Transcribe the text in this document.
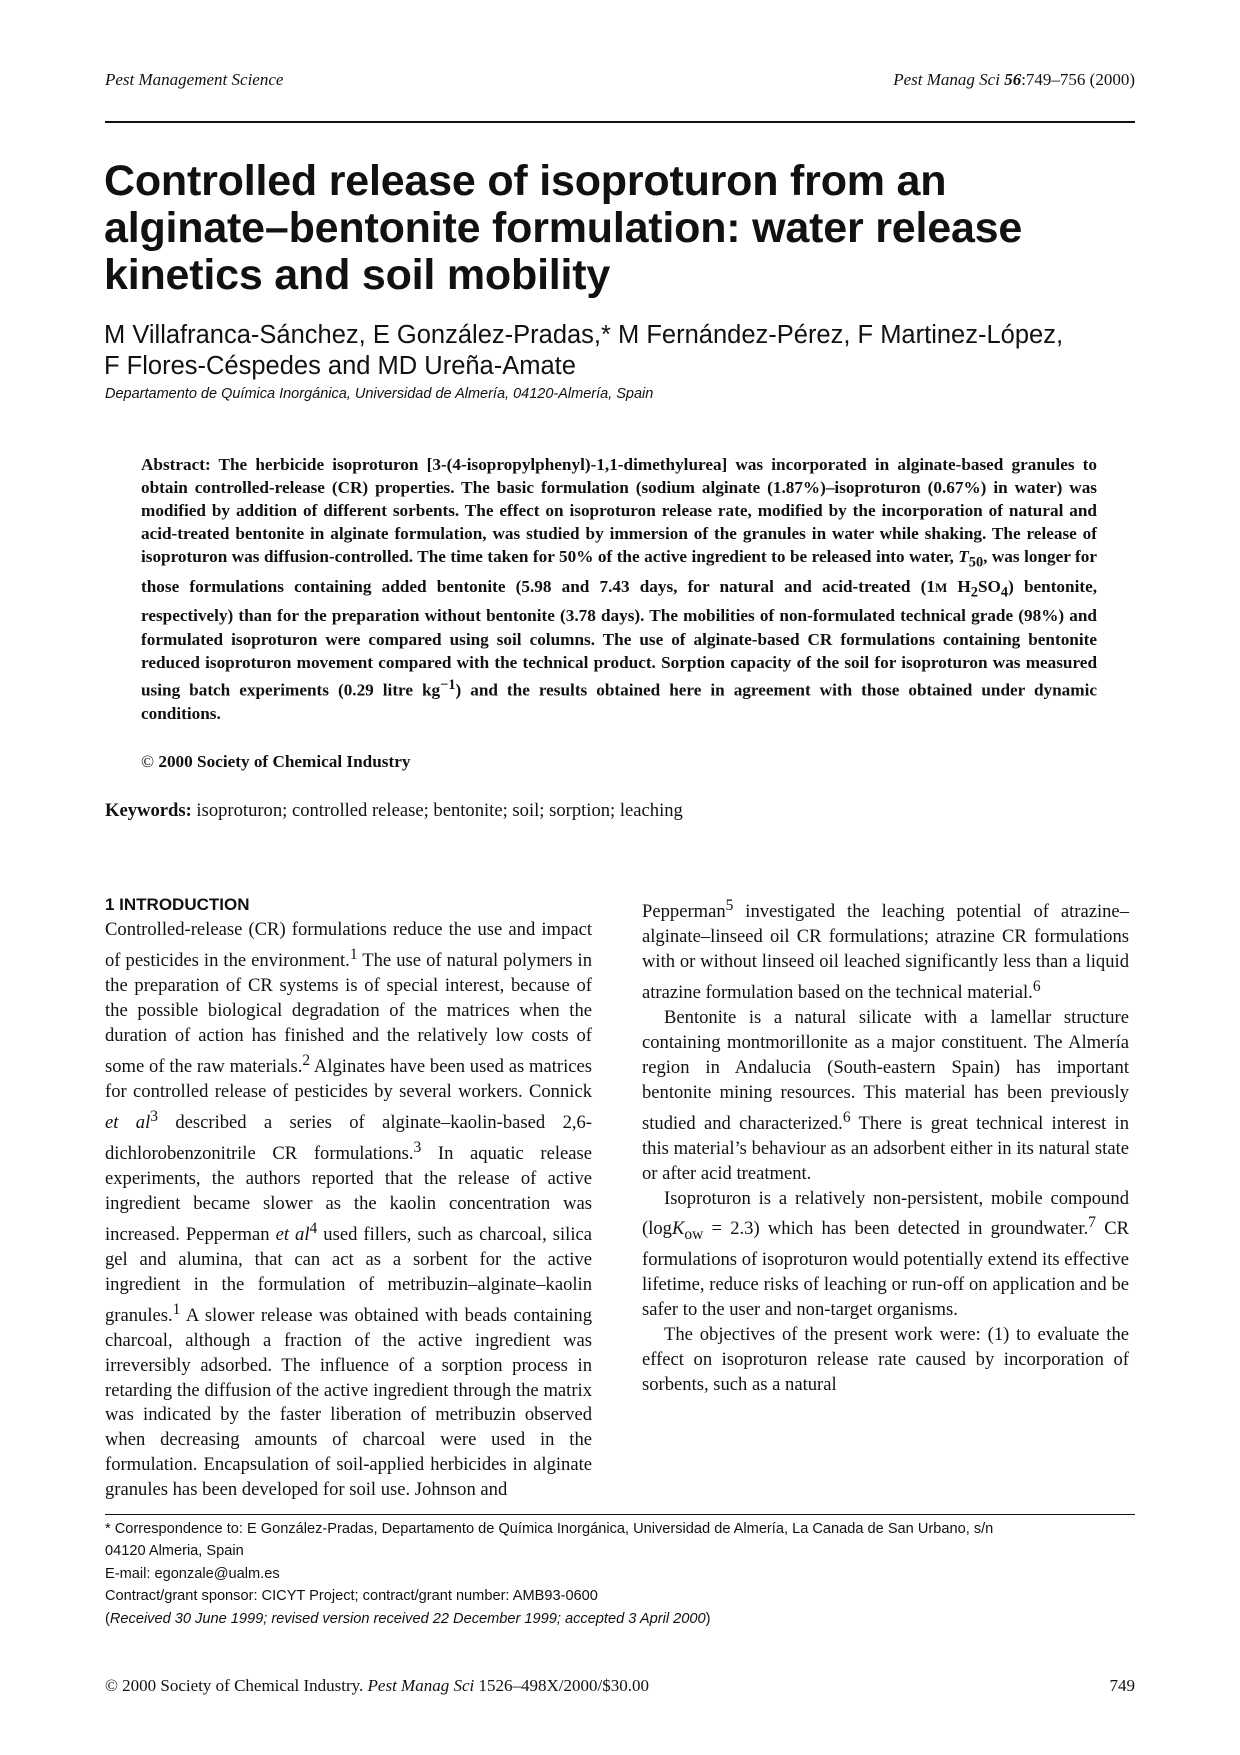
Pest Management Science	Pest Manag Sci 56:749–756 (2000)
Controlled release of isoproturon from an
alginate–bentonite formulation: water release
kinetics and soil mobility

M Villafranca-Sánchez, E González-Pradas,* M Fernández-Pérez, F Martinez-López,
F Flores-Céspedes and MD Ureña-Amate

Departamento de Química Inorgánica, Universidad de Almería, 04120-Almería, Spain

Abstract: The herbicide isoproturon [3-(4-isopropylphenyl)-1,1-dimethylurea] was incorporated in alginate-based granules to obtain controlled-release (CR) properties. The basic formulation (sodium alginate (1.87%)–isoproturon (0.67%) in water) was modified by addition of different sorbents. The effect on isoproturon release rate, modified by the incorporation of natural and acid-treated bentonite in alginate formulation, was studied by immersion of the granules in water while shaking. The release of isoproturon was diffusion-controlled. The time taken for 50% of the active ingredient to be released into water, $T_{50}$, was longer for those formulations containing added bentonite (5.98 and 7.43 days, for natural and acid-treated (1M $H_2SO_4$) bentonite, respectively) than for the preparation without bentonite (3.78 days). The mobilities of non-formulated technical grade (98%) and formulated isoproturon were compared using soil columns. The use of alginate-based CR formulations containing bentonite reduced isoproturon movement compared with the technical product. Sorption capacity of the soil for isoproturon was measured using batch experiments (0.29 litre $kg^{-1}$) and the results obtained here in agreement with those obtained under dynamic conditions.

© 2000 Society of Chemical Industry

Keywords: isoproturon; controlled release; bentonite; soil; sorption; leaching

1 INTRODUCTION

Controlled-release (CR) formulations reduce the use and impact of pesticides in the environment.$^1$ The use of natural polymers in the preparation of CR systems is of special interest, because of the possible biological degradation of the matrices when the duration of action has finished and the relatively low costs of some of the raw materials.$^2$ Alginates have been used as matrices for controlled release of pesticides by several workers. Connick et $al^3$ described a series of alginate–kaolin-based 2,6-dichlorobenzonitrile CR formulations.$^3$ In aquatic release experiments, the authors reported that the release of active ingredient became slower as the kaolin concentration was increased. Pepperman et $al^4$ used fillers, such as charcoal, silica gel and alumina, that can act as a sorbent for the active ingredient in the formulation of metribuzin–alginate–kaolin granules.$^1$ A slower release was obtained with beads containing charcoal, although a fraction of the active ingredient was irreversibly adsorbed. The influence of a sorption process in retarding the diffusion of the active ingredient through the matrix was indicated by the faster liberation of metribuzin observed when decreasing amounts of charcoal were used in the formulation. Encapsulation of soil-applied herbicides in alginate granules has been developed for soil use. Johnson and

Pepperman$^5$ investigated the leaching potential of atrazine–alginate–linseed oil CR formulations; atrazine CR formulations with or without linseed oil leached significantly less than a liquid atrazine formulation based on the technical material.$^6$

Bentonite is a natural silicate with a lamellar structure containing montmorillonite as a major constituent. The Almería region in Andalucia (South-eastern Spain) has important bentonite mining resources. This material has been previously studied and characterized.$^6$ There is great technical interest in this material’s behaviour as an adsorbent either in its natural state or after acid treatment.

Isoproturon is a relatively non-persistent, mobile compound (logK$_{ow}$ = 2.3) which has been detected in groundwater.$^7$ CR formulations of isoproturon would potentially extend its effective lifetime, reduce risks of leaching or run-off on application and be safer to the user and non-target organisms.

The objectives of the present work were: (1) to evaluate the effect on isoproturon release rate caused by incorporation of sorbents, such as a natural

* Correspondence to: E González-Pradas, Departamento de Química Inorgánica, Universidad de Almería, La Canada de San Urbano, s/n

04120 Almeria, Spain

E-mail: egonzale@ualm.es

Contract/grant sponsor: CICYT Project; contract/grant number: AMB93-0600

(Received 30 June 1999; revised version received 22 December 1999; accepted 3 April 2000)

© 2000 Society of Chemical Industry. Pest Manag Sci 1526–498X/2000/$30.00	749
